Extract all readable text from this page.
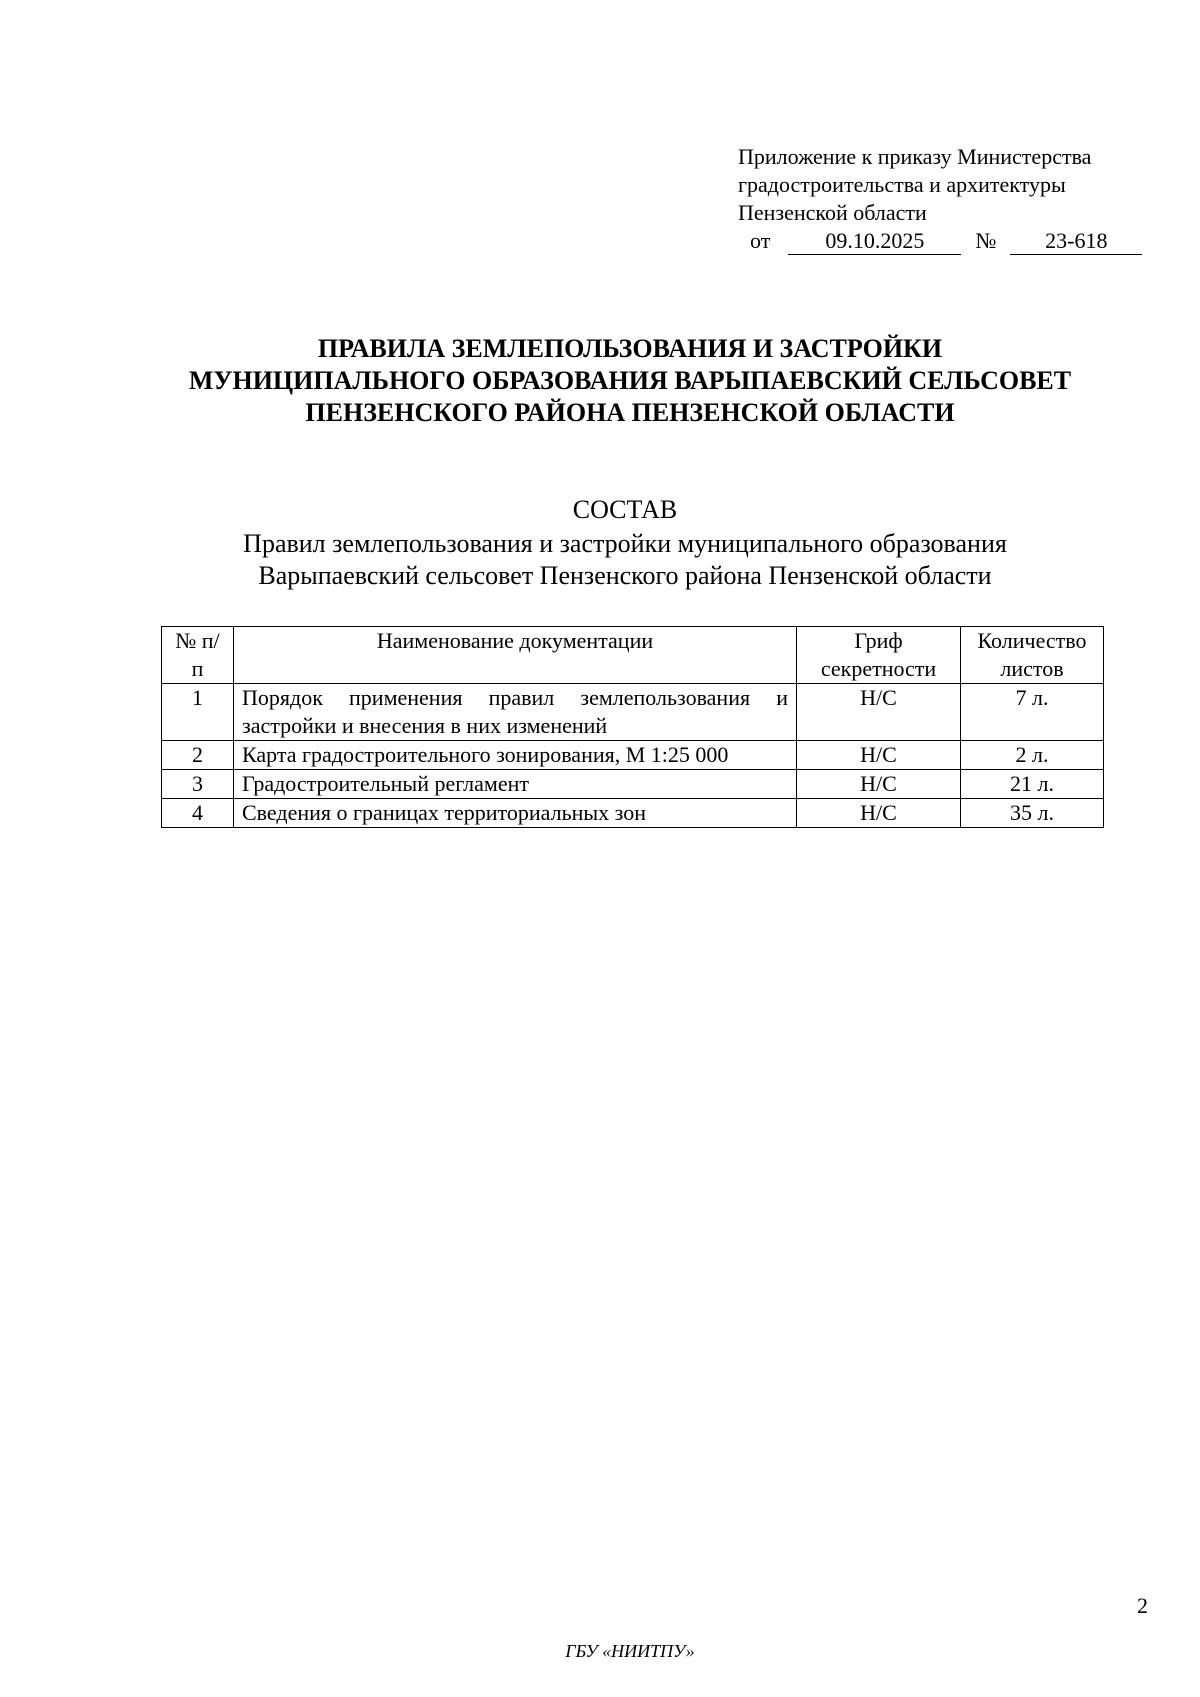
Приложение к приказу Министерства
градостроительства и архитектуры
Пензенской области
от	09.10.2025	№	23-618
ПРАВИЛА ЗЕМЛЕПОЛЬЗОВАНИЯ И ЗАСТРОЙКИ
МУНИЦИПАЛЬНОГО ОБРАЗОВАНИЯ ВАРЫПАЕВСКИЙ СЕЛЬСОВЕТ
ПЕНЗЕНСКОГО РАЙОНА ПЕНЗЕНСКОЙ ОБЛАСТИ
СОСТАВ
Правил землепользования и застройки муниципального образования
Варыпаевский сельсовет Пензенского района Пензенской области
№ п/п	Наименование документации	Гриф секретности	Количество листов
1	Порядок применения правил землепользования и застройки и внесения в них изменений	Н/С	7 л.
2	Карта градостроительного зонирования, М 1:25 000	Н/С	2 л.
3	Градостроительный регламент	Н/С	21 л.
4	Сведения о границах территориальных зон	Н/С	35 л.
2
ГБУ «НИИТПУ»
